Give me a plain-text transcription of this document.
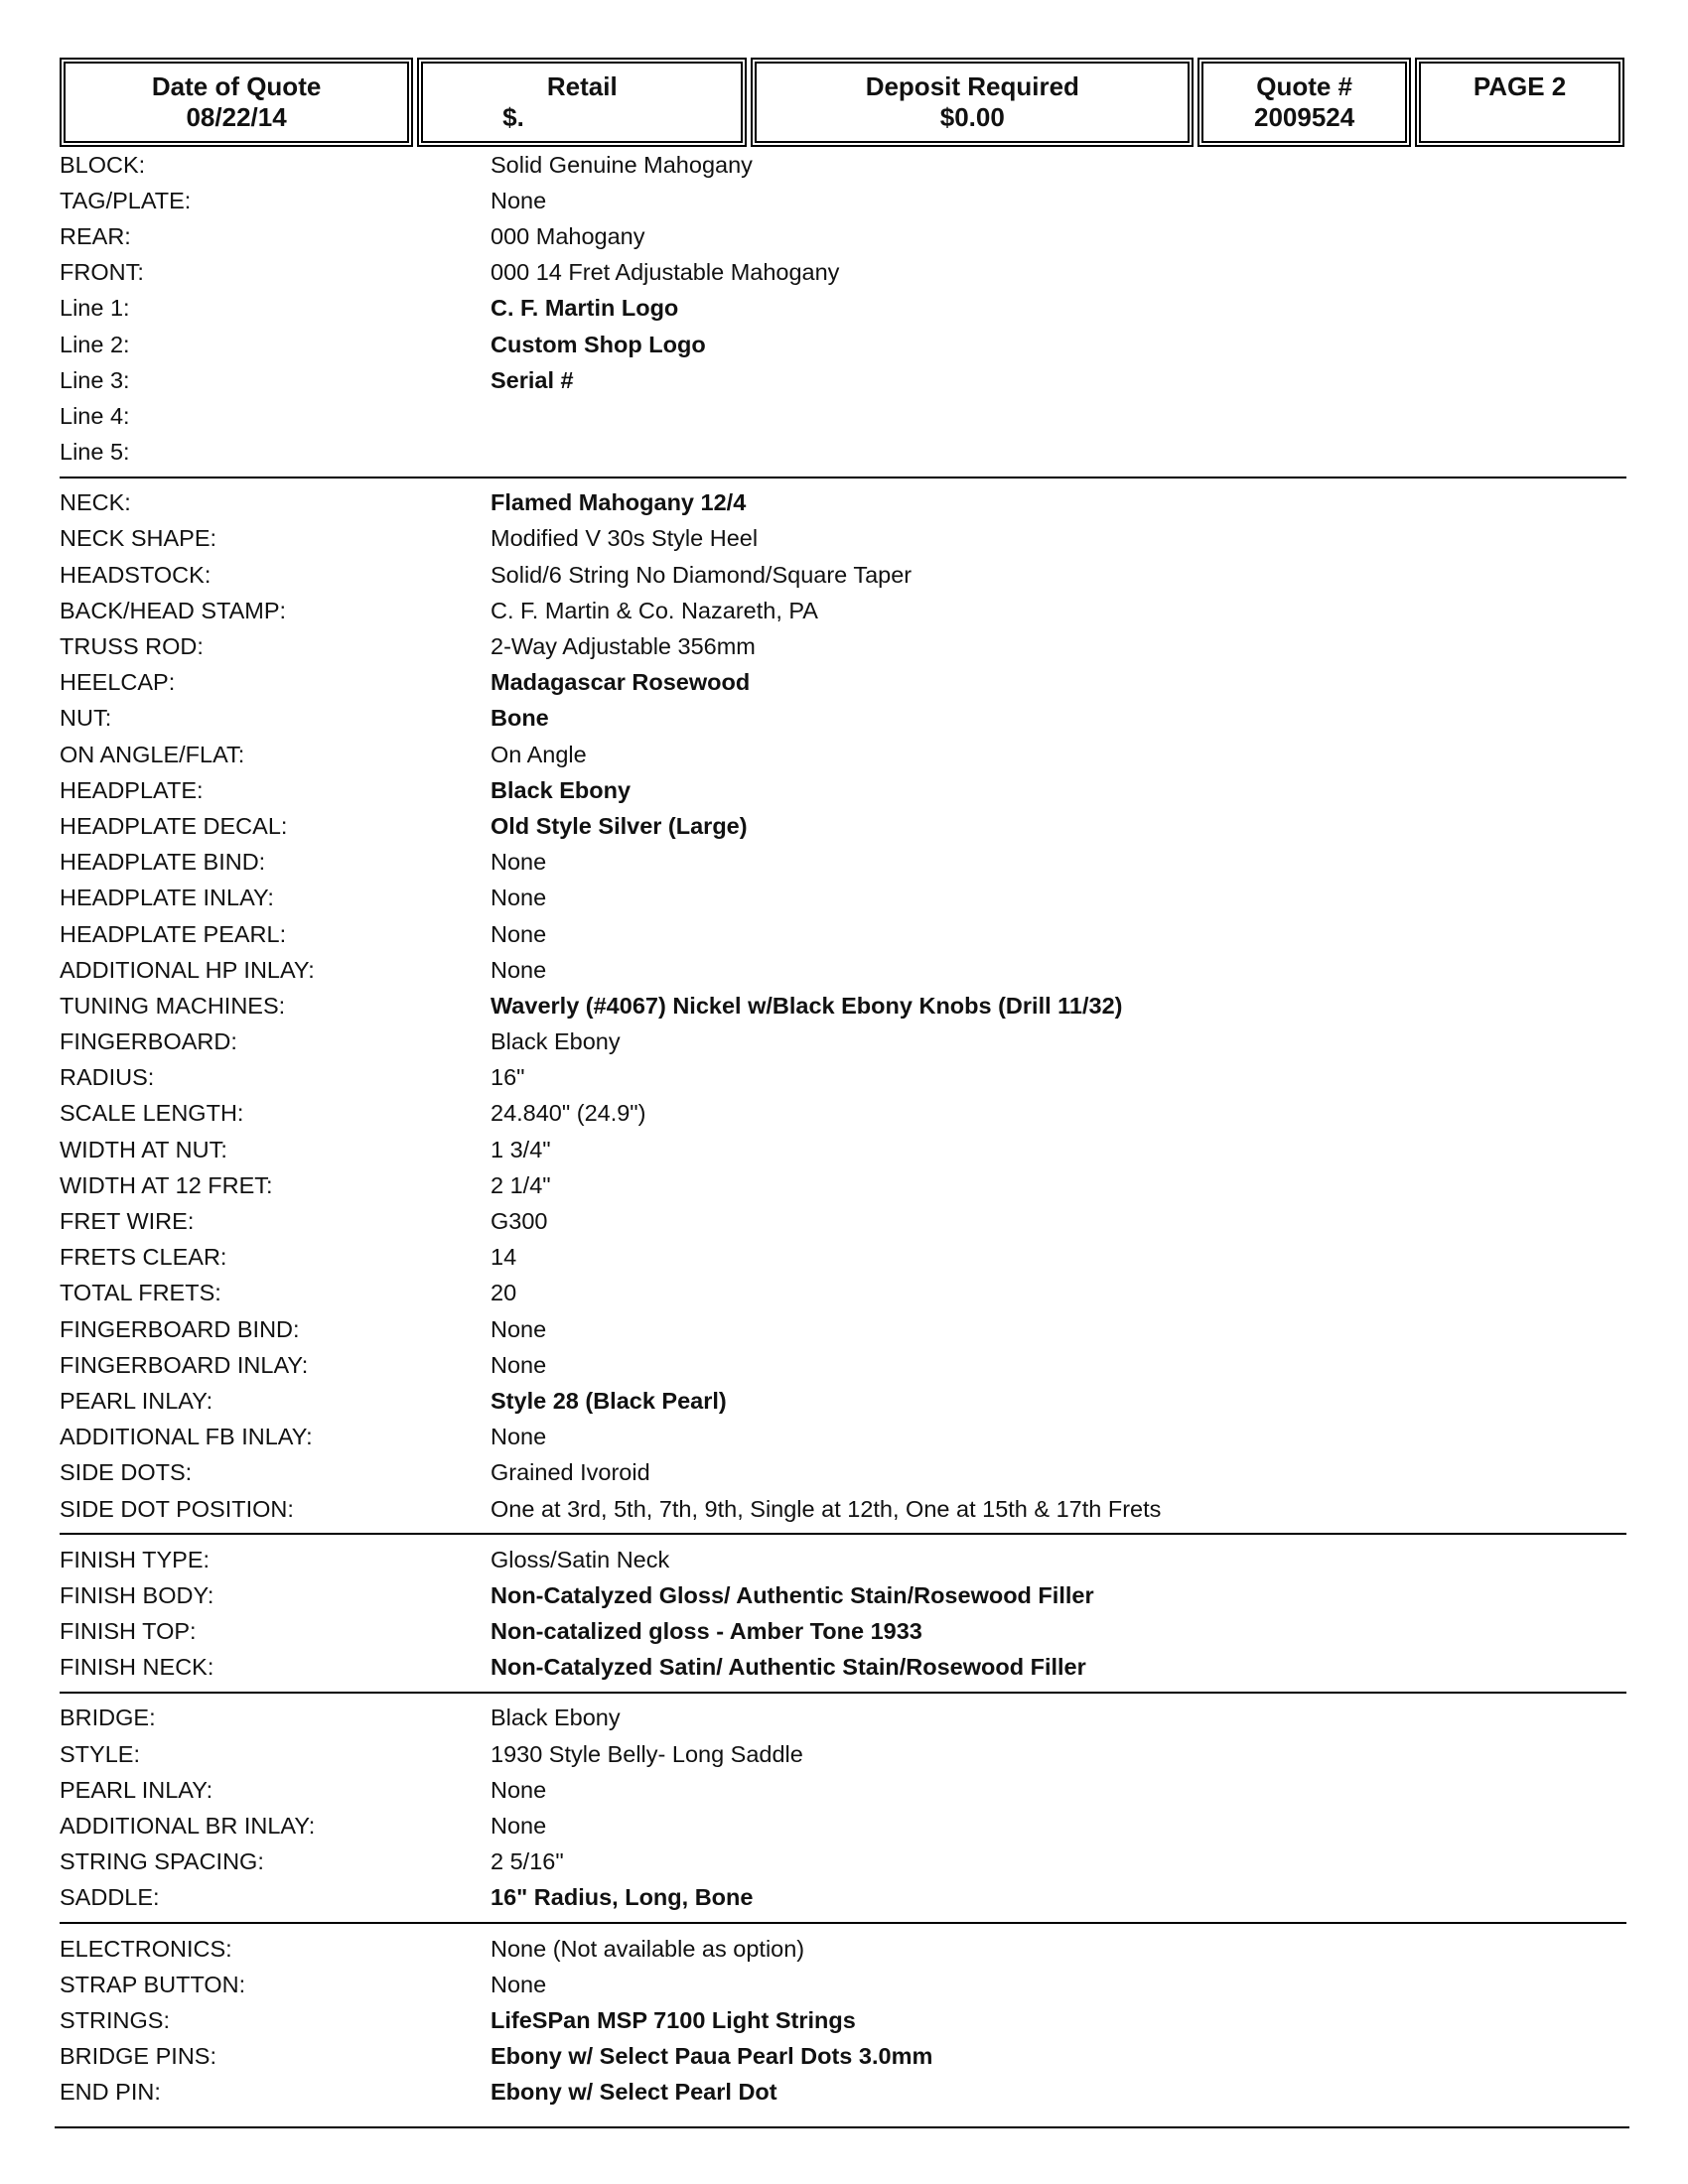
Date of Quote
08/22/14
Retail
$.
Deposit Required
$0.00
Quote #
2009524
PAGE 2
BLOCK:	Solid Genuine Mahogany
TAG/PLATE:	None
REAR:	000 Mahogany
FRONT:	000 14 Fret Adjustable Mahogany
Line 1:	C. F. Martin Logo
Line 2:	Custom Shop Logo
Line 3:	Serial #
Line 4:
Line 5:
NECK:	Flamed Mahogany 12/4
NECK SHAPE:	Modified V 30s Style Heel
HEADSTOCK:	Solid/6 String No Diamond/Square Taper
BACK/HEAD STAMP:	C. F. Martin & Co. Nazareth, PA
TRUSS ROD:	2-Way Adjustable 356mm
HEELCAP:	Madagascar Rosewood
NUT:	Bone
ON ANGLE/FLAT:	On Angle
HEADPLATE:	Black Ebony
HEADPLATE DECAL:	Old Style Silver (Large)
HEADPLATE BIND:	None
HEADPLATE INLAY:	None
HEADPLATE PEARL:	None
ADDITIONAL HP INLAY:	None
TUNING MACHINES:	Waverly (#4067) Nickel w/Black Ebony Knobs (Drill 11/32)
FINGERBOARD:	Black Ebony
RADIUS:	16"
SCALE LENGTH:	24.840" (24.9")
WIDTH AT NUT:	1 3/4"
WIDTH AT 12 FRET:	2 1/4"
FRET WIRE:	G300
FRETS CLEAR:	14
TOTAL FRETS:	20
FINGERBOARD BIND:	None
FINGERBOARD INLAY:	None
PEARL INLAY:	Style 28 (Black Pearl)
ADDITIONAL FB INLAY:	None
SIDE DOTS:	Grained Ivoroid
SIDE DOT POSITION:	One at 3rd, 5th, 7th, 9th, Single at 12th, One at 15th & 17th Frets
FINISH TYPE:	Gloss/Satin Neck
FINISH BODY:	Non-Catalyzed Gloss/ Authentic Stain/Rosewood Filler
FINISH TOP:	Non-catalized gloss - Amber Tone 1933
FINISH NECK:	Non-Catalyzed Satin/ Authentic Stain/Rosewood Filler
BRIDGE:	Black Ebony
STYLE:	1930 Style Belly- Long Saddle
PEARL INLAY:	None
ADDITIONAL BR INLAY:	None
STRING SPACING:	2 5/16"
SADDLE:	16" Radius, Long, Bone
ELECTRONICS:	None (Not available as option)
STRAP BUTTON:	None
STRINGS:	LifeSPan MSP 7100 Light Strings
BRIDGE PINS:	Ebony w/ Select Paua Pearl Dots 3.0mm
END PIN:	Ebony w/ Select Pearl Dot
